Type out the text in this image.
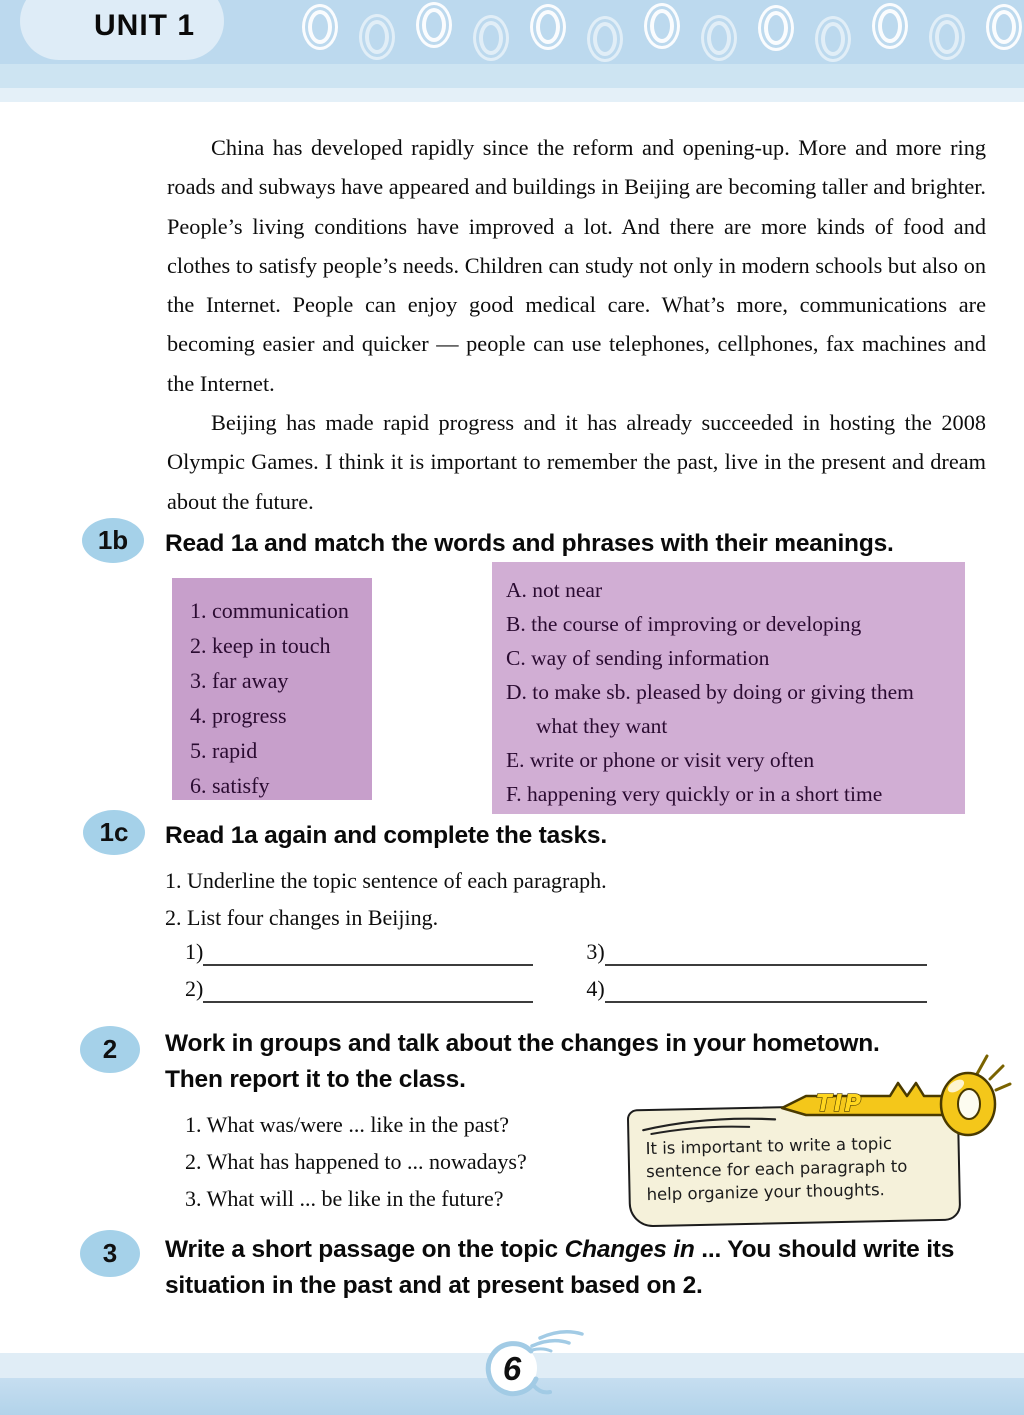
UNIT 1

China has developed rapidly since the reform and opening-up. More and more ring roads and subways have appeared and buildings in Beijing are becoming taller and brighter. People’s living conditions have improved a lot. And there are more kinds of food and clothes to satisfy people’s needs. Children can study not only in modern schools but also on the Internet. People can enjoy good medical care. What’s more, communications are becoming easier and quicker — people can use telephones, cellphones, fax machines and the Internet.

Beijing has made rapid progress and it has already succeeded in hosting the 2008 Olympic Games. I think it is important to remember the past, live in the present and dream about the future.

1b	Read 1a and match the words and phrases with their meanings.
1. communication
2. keep in touch
3. far away
4. progress
5. rapid
6. satisfy
A. not near
B. the course of improving or developing
C. way of sending information
D. to make sb. pleased by doing or giving them what they want
E. write or phone or visit very often
F. happening very quickly or in a short time
1c	Read 1a again and complete the tasks.
1. Underline the topic sentence of each paragraph.
2. List four changes in Beijing.
1)	3)
2)	4)
2	Work in groups and talk about the changes in your hometown.
Then report it to the class.
1. What was/were ... like in the past?
2. What has happened to ... nowadays?
3. What will ... be like in the future?

It is important to write a topic sentence for each paragraph to help organize your thoughts.

TIP
3	Write a short passage on the topic Changes in ... You should write its
situation in the past and at present based on 2.
6
